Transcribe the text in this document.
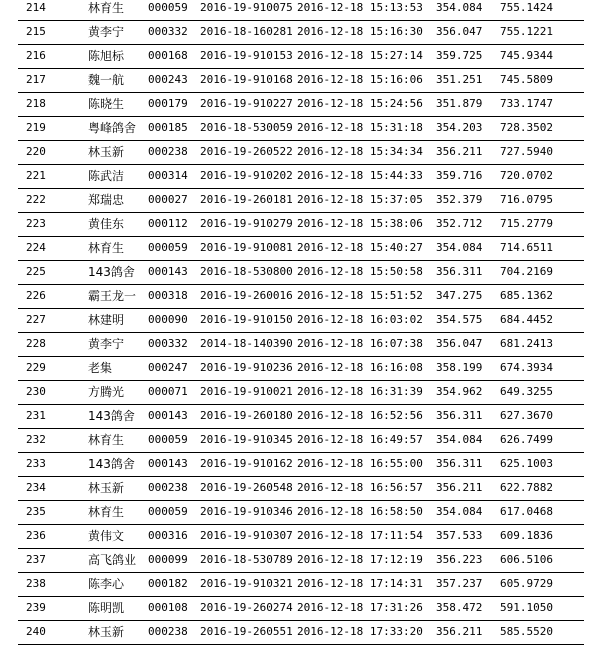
214	林育生 000059 2016-19-910075 2016-12-18 15:13:53 354.084 755.1424
215	黄李宁 000332 2016-18-160281 2016-12-18 15:16:30 356.047 755.1221
216	陈旭标 000168 2016-19-910153 2016-12-18 15:27:14 359.725 745.9344
217	魏一航 000243 2016-19-910168 2016-12-18 15:16:06 351.251 745.5809
218	陈晓生 000179 2016-19-910227 2016-12-18 15:24:56 351.879 733.1747
219	粤峰鸽舍 000185 2016-18-530059 2016-12-18 15:31:18 354.203 728.3502
220	林玉新 000238 2016-19-260522 2016-12-18 15:34:34 356.211 727.5940
221	陈武洁 000314 2016-19-910202 2016-12-18 15:44:33 359.716 720.0702
222	郑瑞忠 000027 2016-19-260181 2016-12-18 15:37:05 352.379 716.0795
223	黄佳东 000112 2016-19-910279 2016-12-18 15:38:06 352.712 715.2779
224	林育生 000059 2016-19-910081 2016-12-18 15:40:27 354.084 714.6511
225	143鸽舍 000143 2016-18-530800 2016-12-18 15:50:58 356.311 704.2169
226	霸王龙一 000318 2016-19-260016 2016-12-18 15:51:52 347.275 685.1362
227	林建明 000090 2016-19-910150 2016-12-18 16:03:02 354.575 684.4452
228	黄李宁 000332 2014-18-140390 2016-12-18 16:07:38 356.047 681.2413
229	老集	000247 2016-19-910236 2016-12-18 16:16:08 358.199 674.3934
230	方腾光 000071 2016-19-910021 2016-12-18 16:31:39 354.962 649.3255
231	143鸽舍 000143 2016-19-260180 2016-12-18 16:52:56 356.311 627.3670
232	林育生 000059 2016-19-910345 2016-12-18 16:49:57 354.084 626.7499
233	143鸽舍 000143 2016-19-910162 2016-12-18 16:55:00 356.311 625.1003
234	林玉新 000238 2016-19-260548 2016-12-18 16:56:57 356.211 622.7882
235	林育生 000059 2016-19-910346 2016-12-18 16:58:50 354.084 617.0468
236	黄伟文 000316 2016-19-910307 2016-12-18 17:11:54 357.533 609.1836
237	高飞鸽业 000099 2016-18-530789 2016-12-18 17:12:19 356.223 606.5106
238	陈李心 000182 2016-19-910321 2016-12-18 17:14:31 357.237 605.9729
239	陈明凯 000108 2016-19-260274 2016-12-18 17:31:26 358.472 591.1050
240	林玉新 000238 2016-19-260551 2016-12-18 17:33:20 356.211 585.5520
